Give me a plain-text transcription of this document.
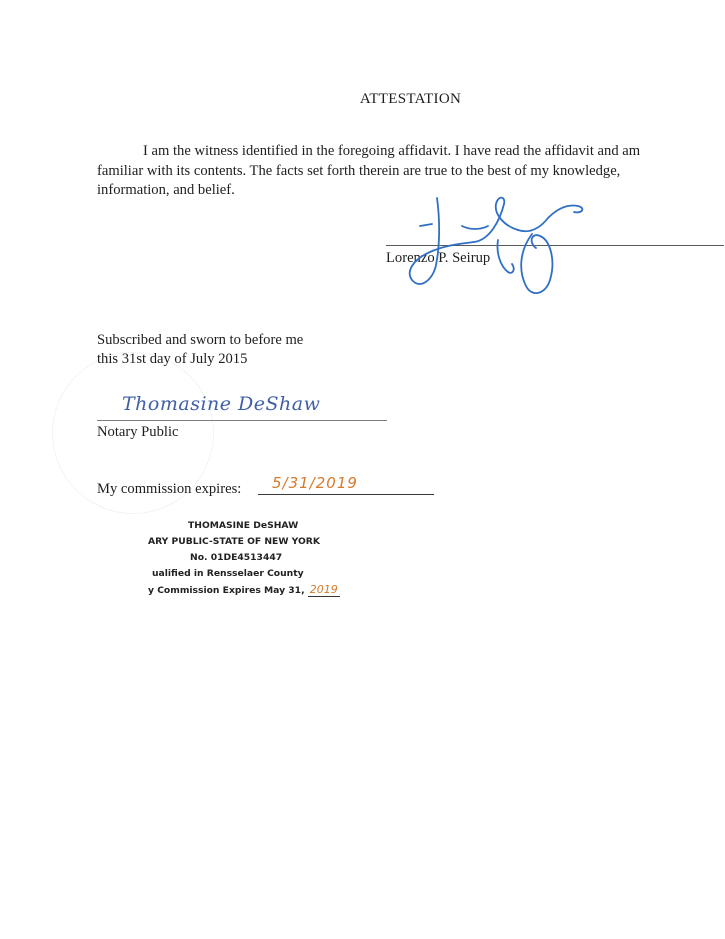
ATTESTATION
I am the witness identified in the foregoing affidavit. I have read the affidavit and am
familiar with its contents. The facts set forth therein are true to the best of my knowledge,
information, and belief.
Lorenzo P. Seirup
Subscribed and sworn to before me
this 31st day of July 2015
Thomasine DeShaw
Notary Public
My commission expires: 5/31/2019
THOMASINE DeSHAW
ARY PUBLIC-STATE OF NEW YORK
No. 01DE4513447
ualified in Rensselaer County
y Commission Expires May 31, 2019
